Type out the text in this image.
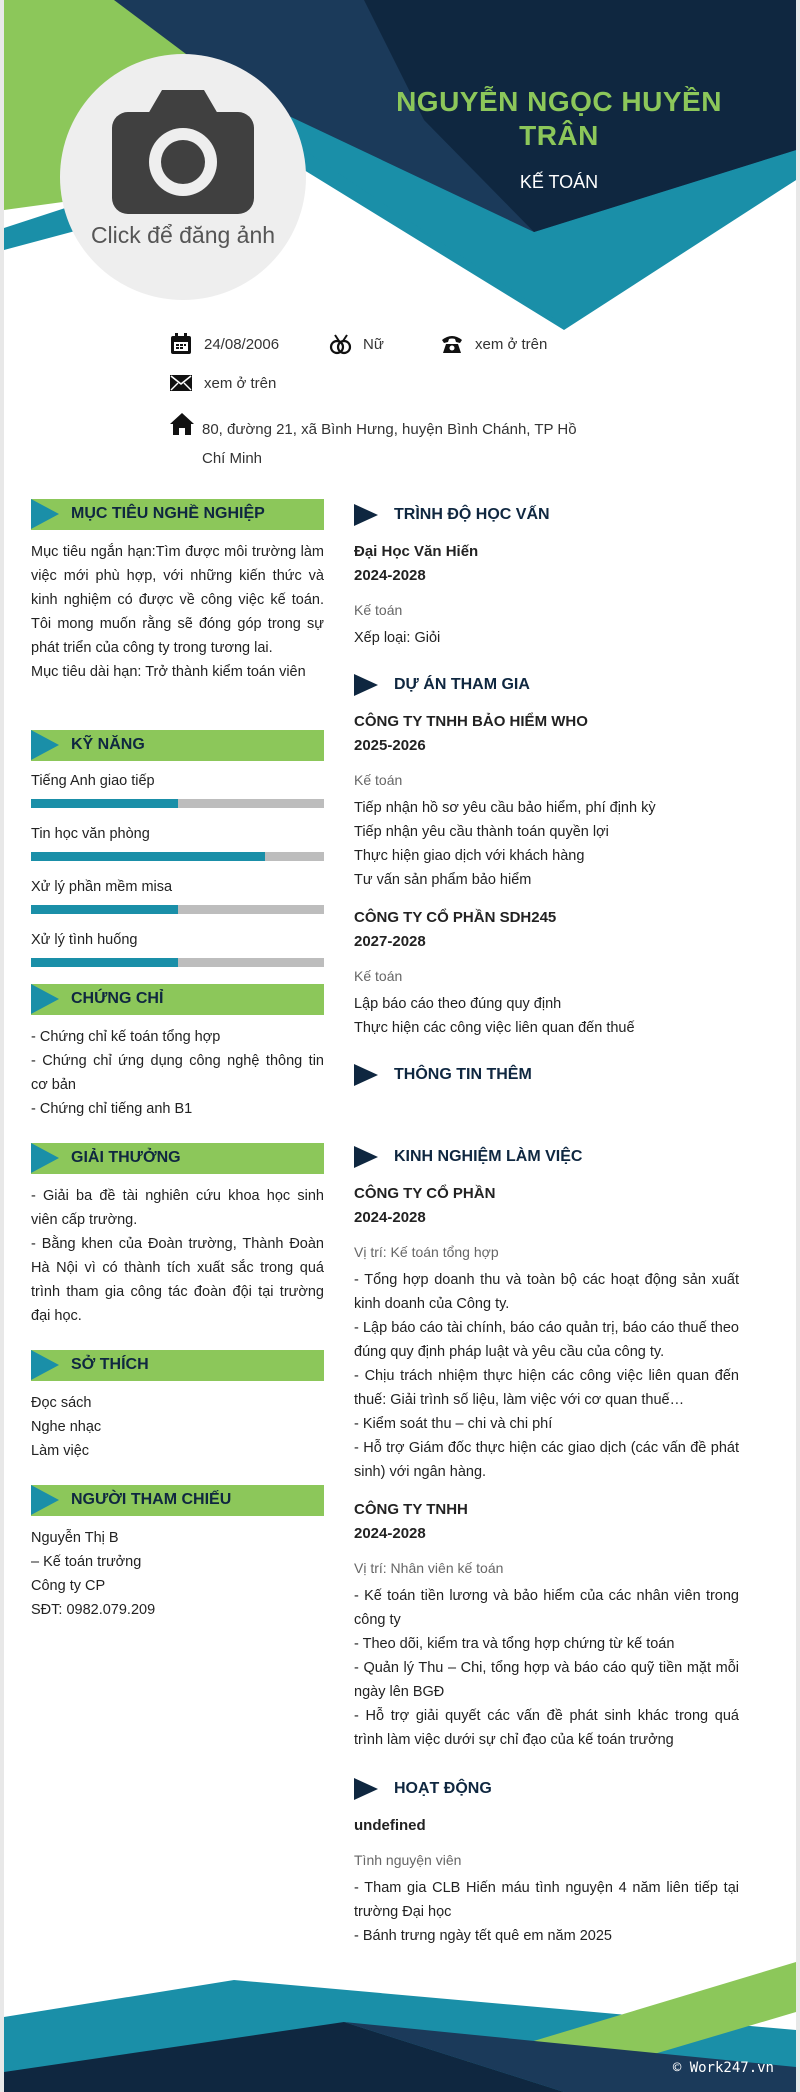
Click để đăng ảnh
NGUYỄN NGỌC HUYỀN TRÂN
KẾ TOÁN
24/08/2006	Nữ	xem ở trên
xem ở trên
80, đường 21, xã Bình Hưng, huyện Bình Chánh, TP Hồ Chí Minh
MỤC TIÊU NGHỀ NGHIỆP
Mục tiêu ngắn hạn:Tìm được môi trường làm việc mới phù hợp, với những kiến thức và kinh nghiệm có được về công việc kế toán. Tôi mong muốn rằng sẽ đóng góp trong sự phát triển của công ty trong tương lai.
Mục tiêu dài hạn: Trở thành kiểm toán viên
KỸ NĂNG
Tiếng Anh giao tiếp
Tin học văn phòng
Xử lý phần mềm misa
Xử lý tình huống
CHỨNG CHỈ
- Chứng chỉ kế toán tổng hợp
- Chứng chỉ ứng dụng công nghệ thông tin cơ bản
- Chứng chỉ tiếng anh B1
GIẢI THƯỞNG
- Giải ba đề tài nghiên cứu khoa học sinh viên cấp trường.
- Bằng khen của Đoàn trường, Thành Đoàn Hà Nội vì có thành tích xuất sắc trong quá trình tham gia công tác đoàn đội tại trường đại học.
SỞ THÍCH
Đọc sách
Nghe nhạc
Làm việc
NGƯỜI THAM CHIẾU
Nguyễn Thị B
– Kế toán trưởng
Công ty CP
SĐT: 0982.079.209
TRÌNH ĐỘ HỌC VẤN
Đại Học Văn Hiến
2024-2028
Kế toán
Xếp loại: Giỏi
DỰ ÁN THAM GIA
CÔNG TY TNHH BẢO HIỂM WHO
2025-2026
Kế toán
Tiếp nhận hồ sơ yêu cầu bảo hiểm, phí định kỳ
Tiếp nhận yêu cầu thành toán quyền lợi
Thực hiện giao dịch với khách hàng
Tư vấn sản phẩm bảo hiểm
CÔNG TY CỔ PHẦN SDH245
2027-2028
Kế toán
Lập báo cáo theo đúng quy định
Thực hiện các công việc liên quan đến thuế
THÔNG TIN THÊM
KINH NGHIỆM LÀM VIỆC
CÔNG TY CỔ PHẦN
2024-2028
Vị trí: Kế toán tổng hợp
- Tổng hợp doanh thu và toàn bộ các hoạt động sản xuất kinh doanh của Công ty.
- Lập báo cáo tài chính, báo cáo quản trị, báo cáo thuế theo đúng quy định pháp luật và yêu cầu của công ty.
- Chịu trách nhiệm thực hiện các công việc liên quan đến thuế: Giải trình số liệu, làm việc với cơ quan thuế…
- Kiểm soát thu – chi và chi phí
- Hỗ trợ Giám đốc thực hiện các giao dịch (các vấn đề phát sinh) với ngân hàng.
CÔNG TY TNHH
2024-2028
Vị trí: Nhân viên kế toán
- Kế toán tiền lương và bảo hiểm của các nhân viên trong công ty
- Theo dõi, kiểm tra và tổng hợp chứng từ kế toán
- Quản lý Thu – Chi, tổng hợp và báo cáo quỹ tiền mặt mỗi ngày lên BGĐ
- Hỗ trợ giải quyết các vấn đề phát sinh khác trong quá trình làm việc dưới sự chỉ đạo của kế toán trưởng
HOẠT ĐỘNG
undefined
Tình nguyện viên
- Tham gia CLB Hiến máu tình nguyện 4 năm liên tiếp tại trường Đại học
- Bánh trưng ngày tết quê em năm 2025
© Work247.vn
